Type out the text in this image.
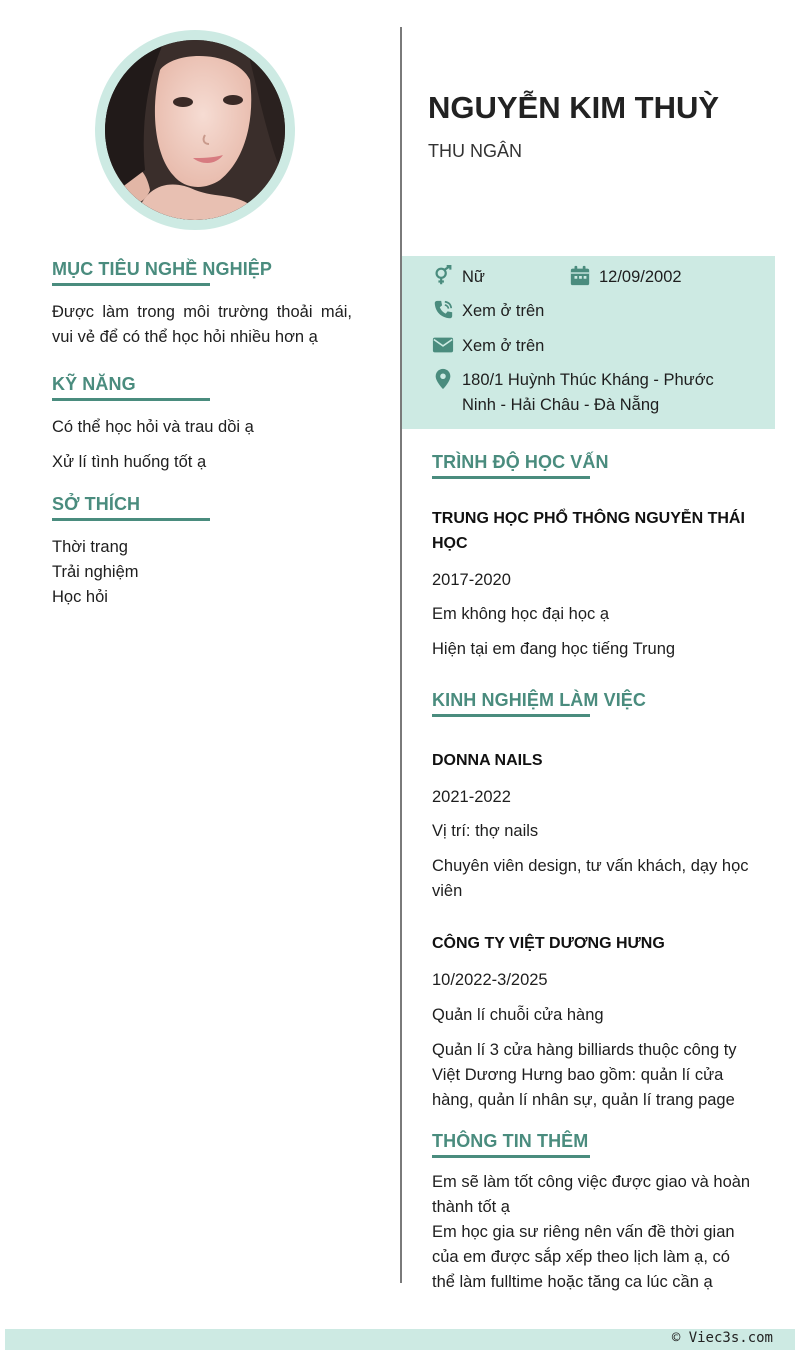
MỤC TIÊU NGHỀ NGHIỆP
Được làm trong môi trường thoải mái, vui vẻ để có thể học hỏi nhiều hơn ạ
KỸ NĂNG
Có thể học hỏi và trau dồi ạ
Xử lí tình huống tốt ạ
SỞ THÍCH
Thời trang
Trải nghiệm
Học hỏi
NGUYỄN KIM THUỲ
THU NGÂN
Nữ	12/09/2002
Xem ở trên
Xem ở trên
180/1 Huỳnh Thúc Kháng - Phước Ninh - Hải Châu - Đà Nẵng
TRÌNH ĐỘ HỌC VẤN
TRUNG HỌC PHỔ THÔNG NGUYỄN THÁI HỌC
2017-2020
Em không học đại học ạ
Hiện tại em đang học tiếng Trung
KINH NGHIỆM LÀM VIỆC
DONNA NAILS
2021-2022
Vị trí: thợ nails
Chuyên viên design, tư vấn khách, dạy học viên
CÔNG TY VIỆT DƯƠNG HƯNG
10/2022-3/2025
Quản lí chuỗi cửa hàng
Quản lí 3 cửa hàng billiards thuộc công ty Việt Dương Hưng bao gồm: quản lí cửa hàng, quản lí nhân sự, quản lí trang page
THÔNG TIN THÊM
Em sẽ làm tốt công việc được giao và hoàn thành tốt ạ
Em học gia sư riêng nên vấn đề thời gian của em được sắp xếp theo lịch làm ạ, có thể làm fulltime hoặc tăng ca lúc cần ạ
© Viec3s.com
